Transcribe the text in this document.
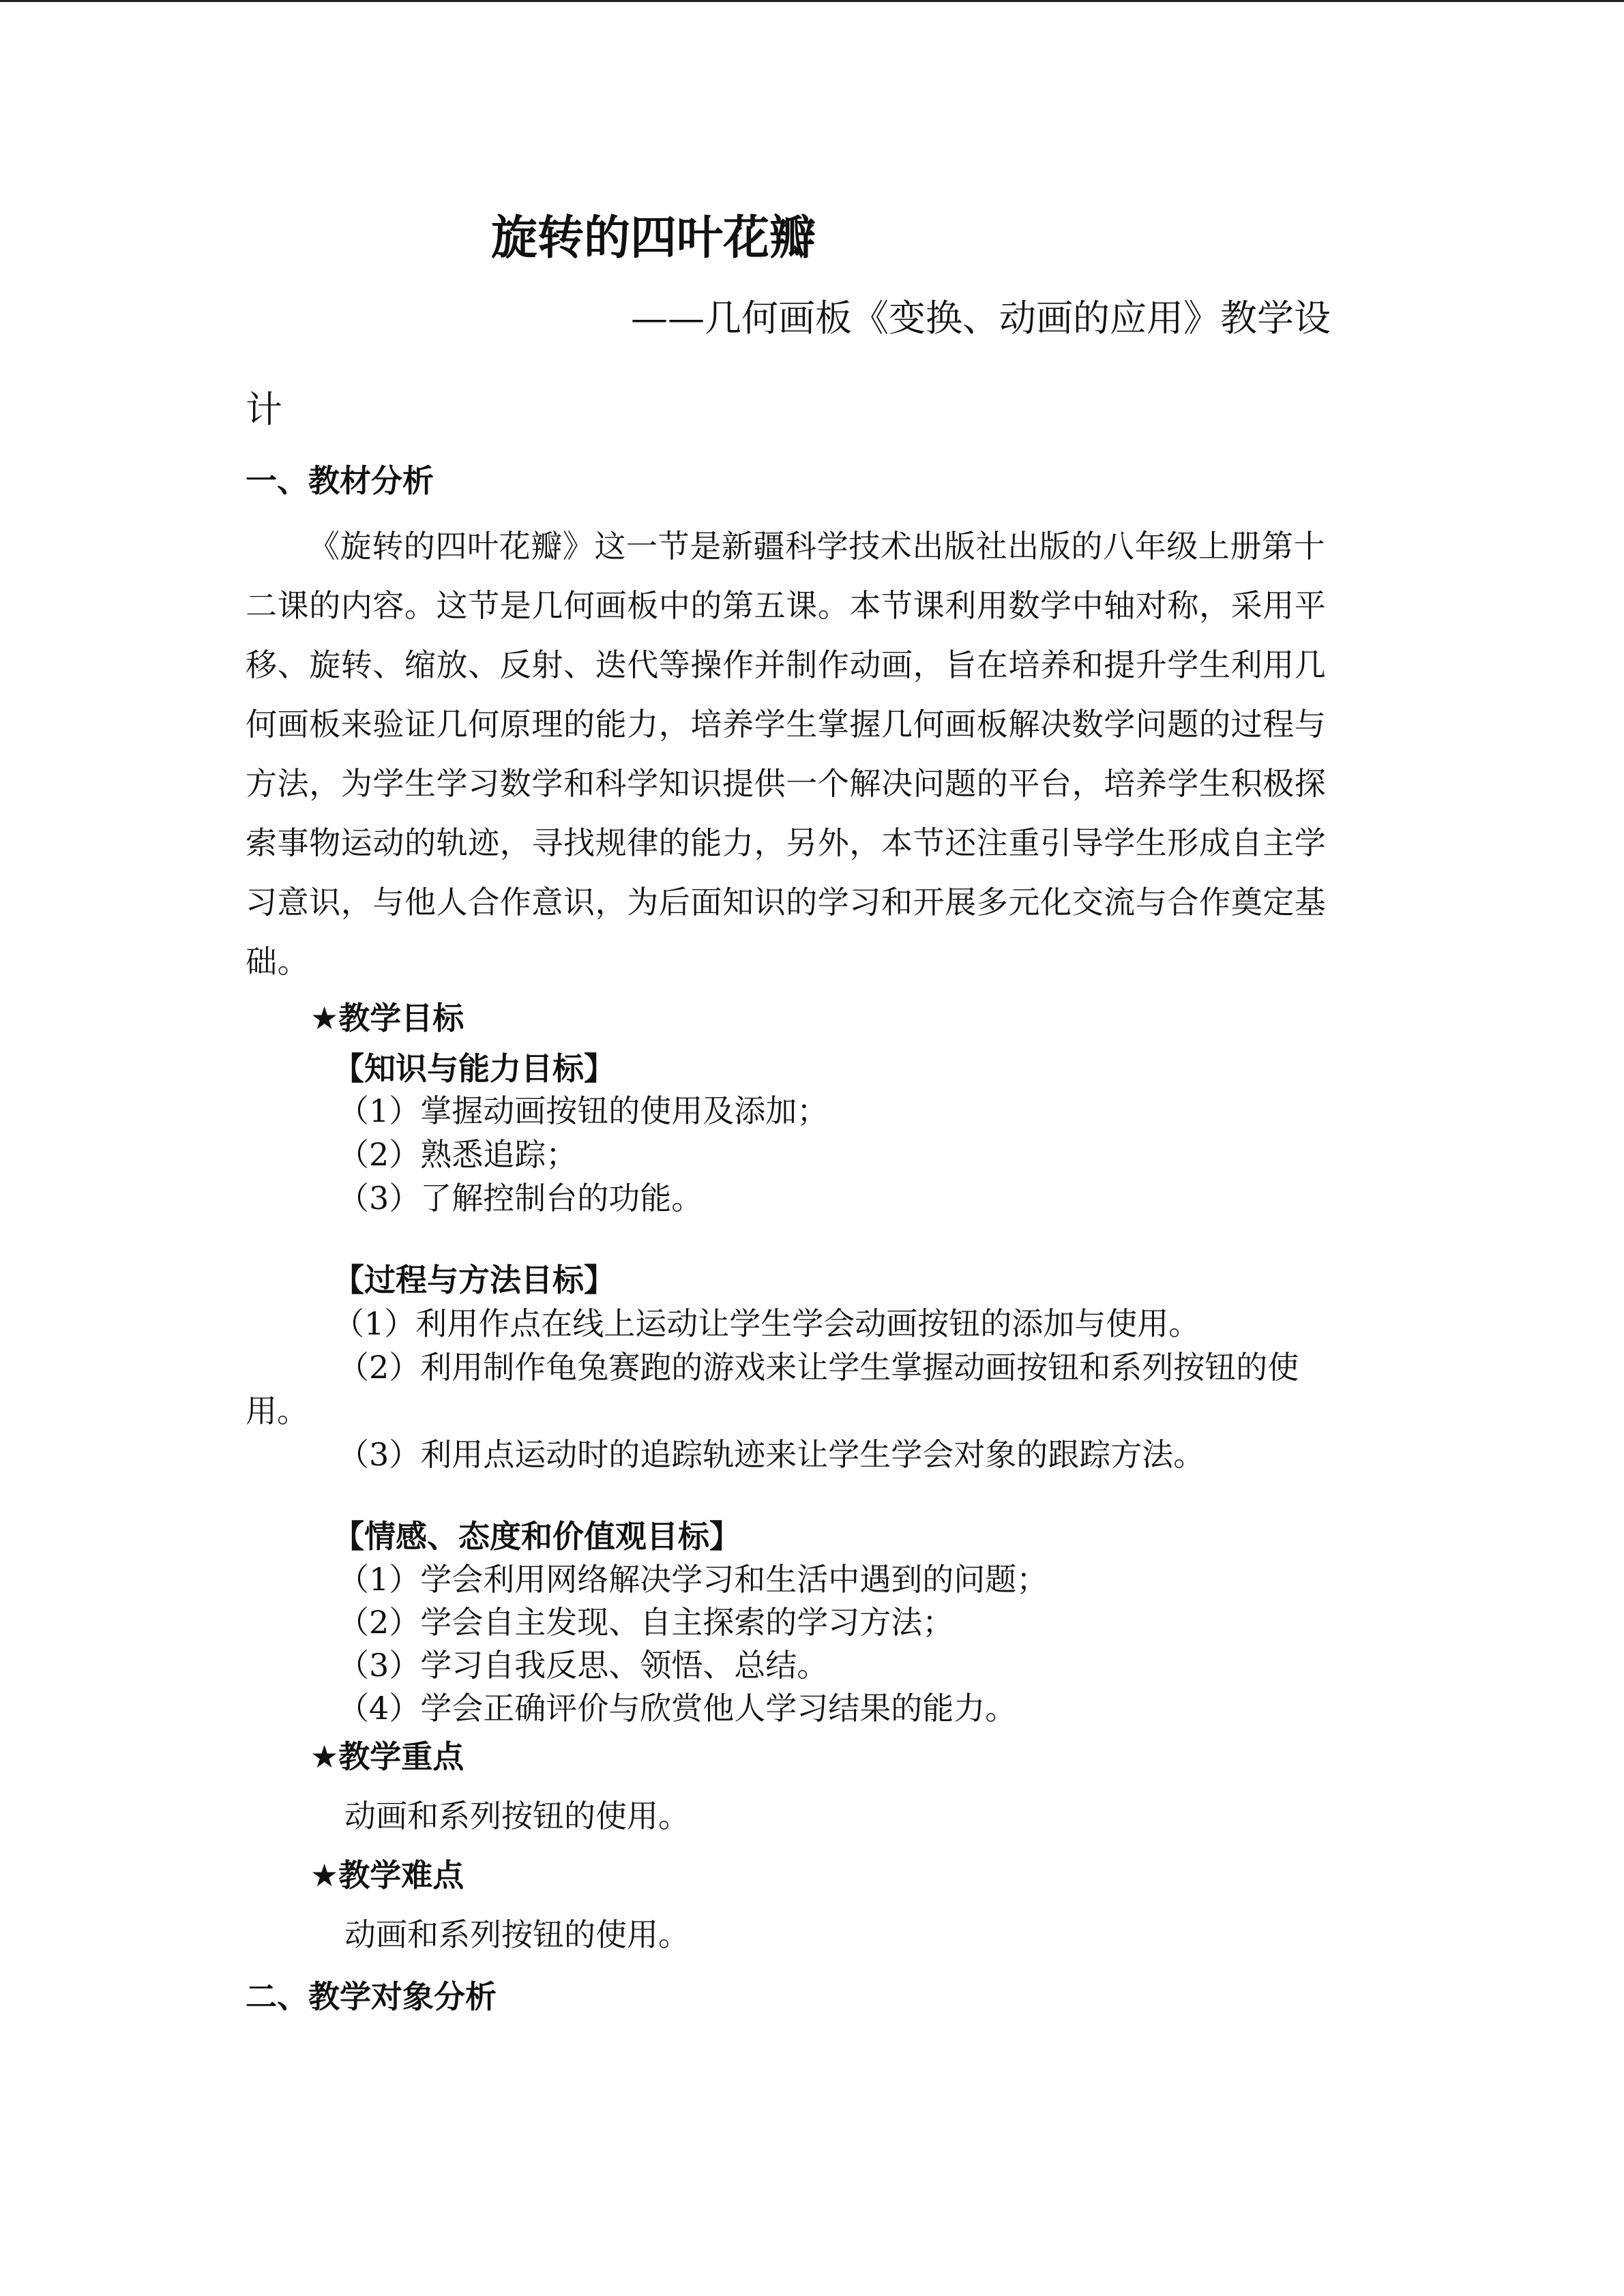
旋转的四叶花瓣
——几何画板《变换、动画的应用》教学设
计
一、教材分析
《旋转的四叶花瓣》这一节是新疆科学技术出版社出版的八年级上册第十
二课的内容。这节是几何画板中的第五课。本节课利用数学中轴对称，采用平
移、旋转、缩放、反射、迭代等操作并制作动画，旨在培养和提升学生利用几
何画板来验证几何原理的能力，培养学生掌握几何画板解决数学问题的过程与
方法，为学生学习数学和科学知识提供一个解决问题的平台，培养学生积极探
索事物运动的轨迹，寻找规律的能力，另外，本节还注重引导学生形成自主学
习意识，与他人合作意识，为后面知识的学习和开展多元化交流与合作奠定基
础。
★教学目标
【知识与能力目标】
（1）掌握动画按钮的使用及添加；
（2）熟悉追踪；
（3）了解控制台的功能。
【过程与方法目标】
（1）利用作点在线上运动让学生学会动画按钮的添加与使用。
（2）利用制作龟兔赛跑的游戏来让学生掌握动画按钮和系列按钮的使
用。
（3）利用点运动时的追踪轨迹来让学生学会对象的跟踪方法。
【情感、态度和价值观目标】
（1）学会利用网络解决学习和生活中遇到的问题；
（2）学会自主发现、自主探索的学习方法；
（3）学习自我反思、领悟、总结。
（4）学会正确评价与欣赏他人学习结果的能力。
★教学重点
动画和系列按钮的使用。
★教学难点
动画和系列按钮的使用。
二、教学对象分析
